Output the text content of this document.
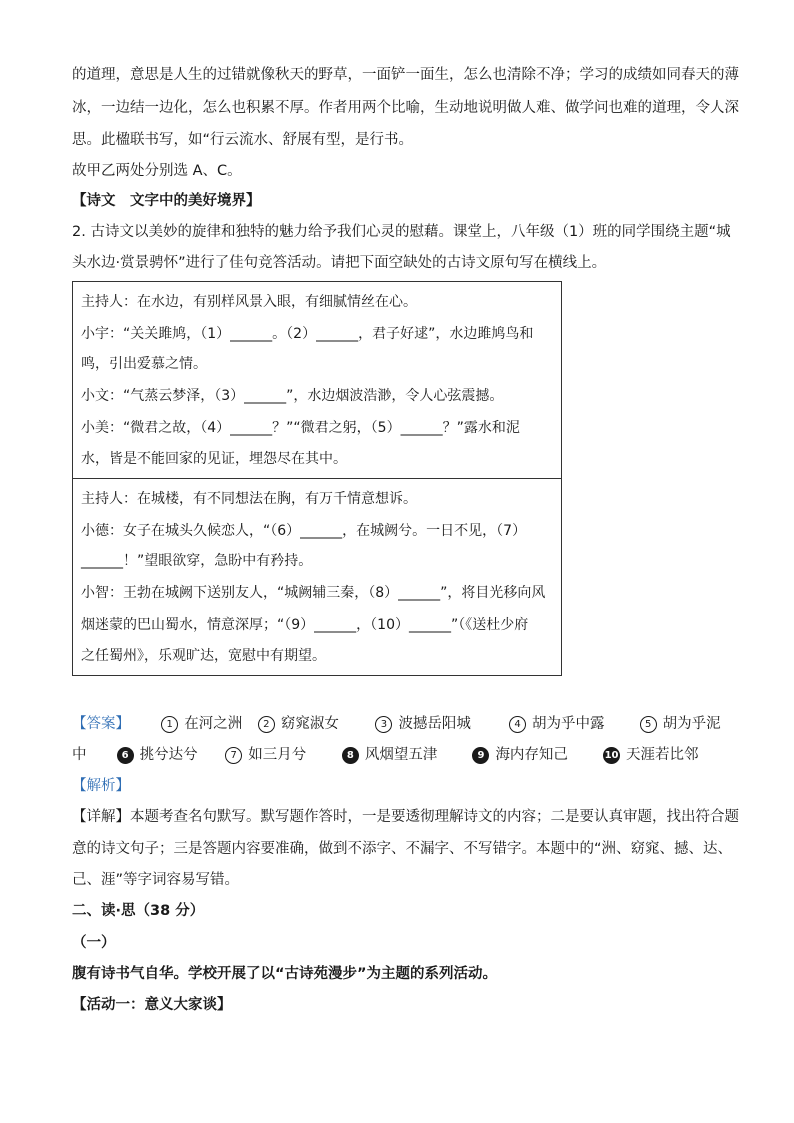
的道理，意思是人生的过错就像秋天的野草，一面铲一面生，怎么也清除不净；学习的成绩如同春天的薄
冰，一边结一边化，怎么也积累不厚。作者用两个比喻，生动地说明做人难、做学问也难的道理，令人深
思。此楹联书写，如“行云流水、舒展有型，是行书。
故甲乙两处分别选 A、C。
【诗文　文字中的美好境界】
2. 古诗文以美妙的旋律和独特的魅力给予我们心灵的慰藉。课堂上，八年级（1）班的同学围绕主题“城
头水边·赏景骋怀”进行了佳句竞答活动。请把下面空缺处的古诗文原句写在横线上。
主持人：在水边，有别样风景入眼，有细腻情丝在心。
小宇：“关关雎鸠，（1）______。（2）______，君子好逑”，水边雎鸠鸟和
鸣，引出爱慕之情。
小文：“气蒸云梦泽，（3）______”，水边烟波浩渺，令人心弦震撼。
小美：“微君之故，（4）______？”“微君之躬，（5）______？”露水和泥
水，皆是不能回家的见证，埋怨尽在其中。
主持人：在城楼，有不同想法在胸，有万千情意想诉。
小德：女子在城头久候恋人，“（6）______，在城阙兮。一日不见，（7）
______！”望眼欲穿，急盼中有矜持。
小智：王勃在城阙下送别友人，“城阙辅三秦，（8）______”，将目光移向风
烟迷蒙的巴山蜀水，情意深厚；“（9）______，（10）______”（《送杜少府
之任蜀州》，乐观旷达，宽慰中有期望。
【答案】	1 在河之洲 2 窈窕淑女	3 波撼岳阳城	4 胡为乎中露	5 胡为乎泥
中	6 挑兮达兮	7 如三月兮	8 风烟望五津	9 海内存知己	10 天涯若比邻
【解析】
【详解】本题考查名句默写。默写题作答时，一是要透彻理解诗文的内容；二是要认真审题，找出符合题
意的诗文句子；三是答题内容要准确，做到不添字、不漏字、不写错字。本题中的“洲、窈窕、撼、达、
己、涯”等字词容易写错。
二、读·思（38 分）
（一）
腹有诗书气自华。学校开展了以“古诗苑漫步”为主题的系列活动。
【活动一：意义大家谈】
